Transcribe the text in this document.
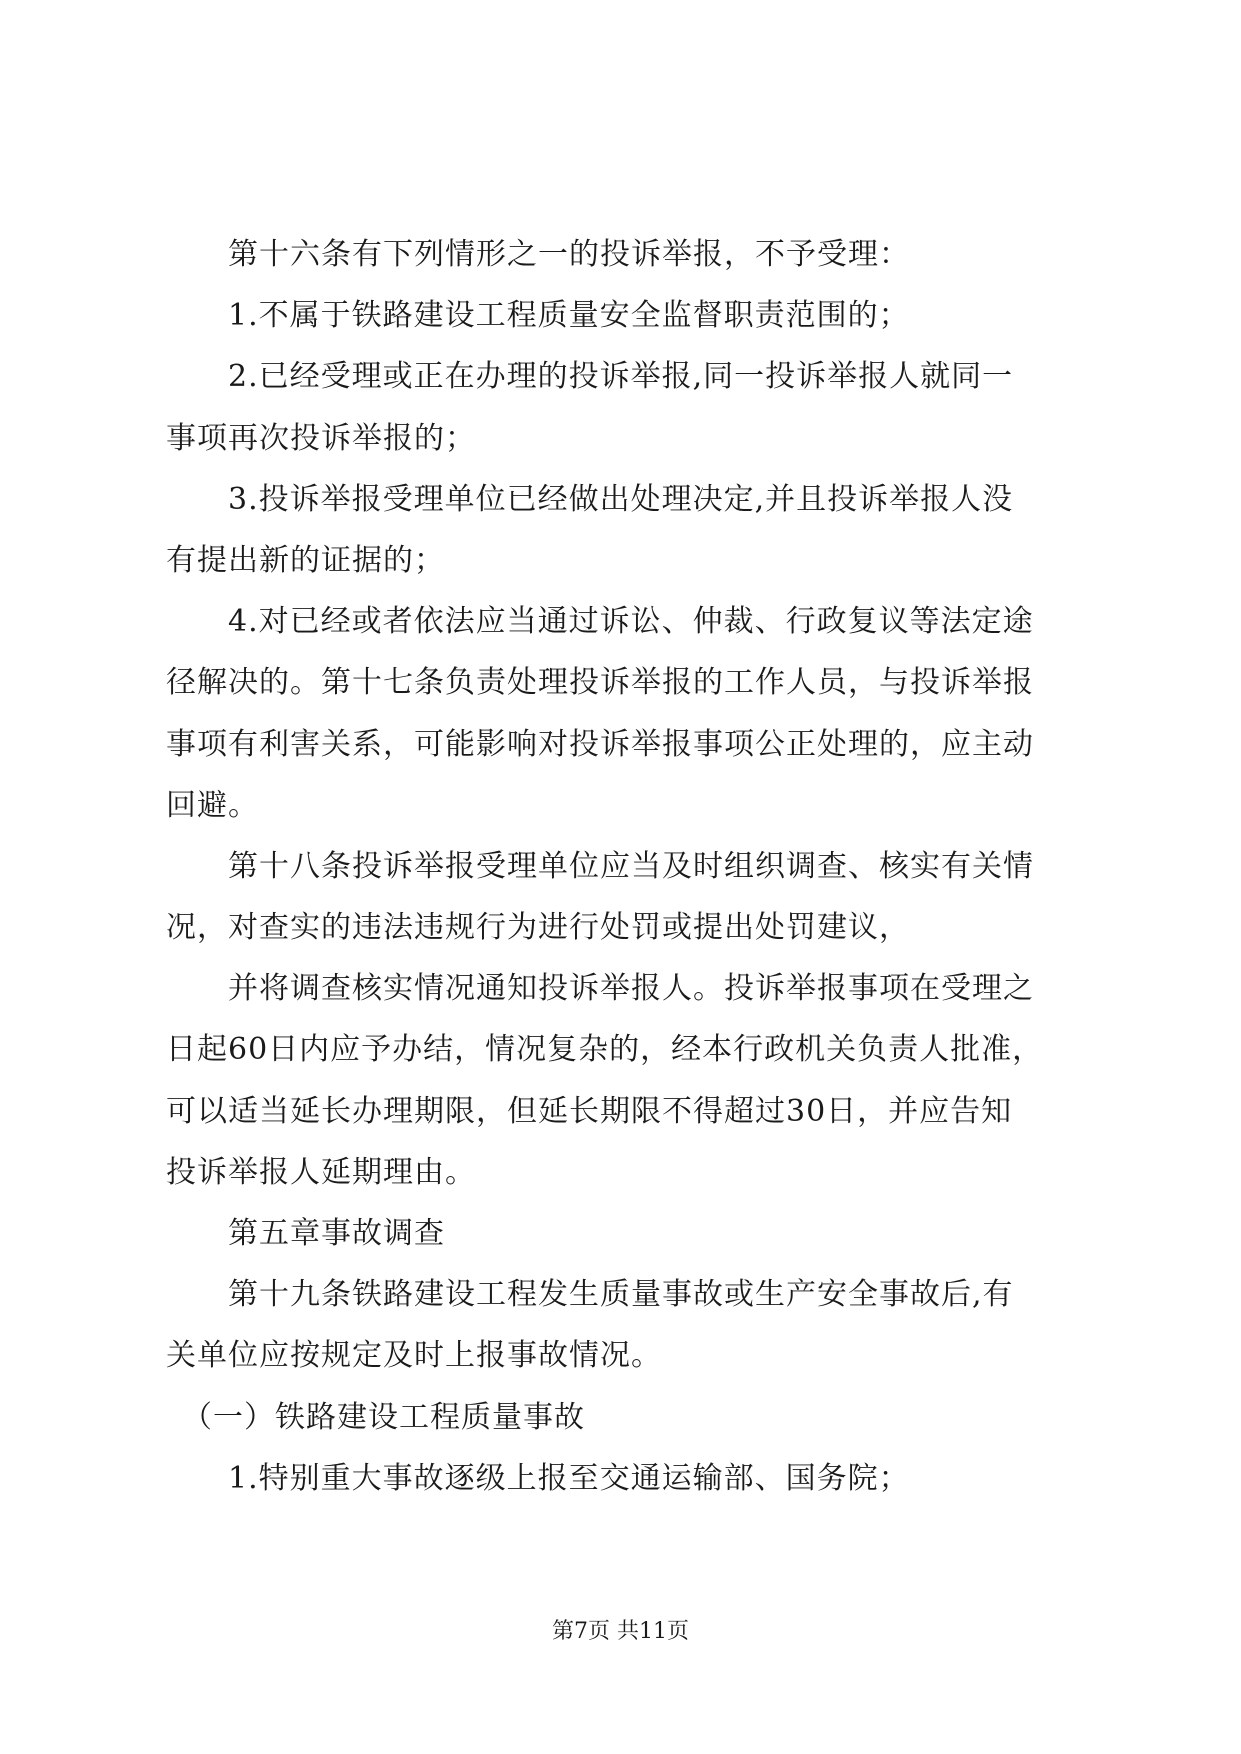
　　第十六条有下列情形之一的投诉举报，不予受理：
　　1.不属于铁路建设工程质量安全监督职责范围的；
　　2.已经受理或正在办理的投诉举报,同一投诉举报人就同一
事项再次投诉举报的；
　　3.投诉举报受理单位已经做出处理决定,并且投诉举报人没
有提出新的证据的；
　　4.对已经或者依法应当通过诉讼、仲裁、行政复议等法定途
径解决的。第十七条负责处理投诉举报的工作人员，与投诉举报
事项有利害关系，可能影响对投诉举报事项公正处理的，应主动
回避。
　　第十八条投诉举报受理单位应当及时组织调查、核实有关情
况，对查实的违法违规行为进行处罚或提出处罚建议，
　　并将调查核实情况通知投诉举报人。投诉举报事项在受理之
日起60日内应予办结，情况复杂的，经本行政机关负责人批准，
可以适当延长办理期限，但延长期限不得超过30日，并应告知
投诉举报人延期理由。
　　第五章事故调查
　　第十九条铁路建设工程发生质量事故或生产安全事故后,有
关单位应按规定及时上报事故情况。
　（一）铁路建设工程质量事故
　　1.特别重大事故逐级上报至交通运输部、国务院；
第7页 共11页
